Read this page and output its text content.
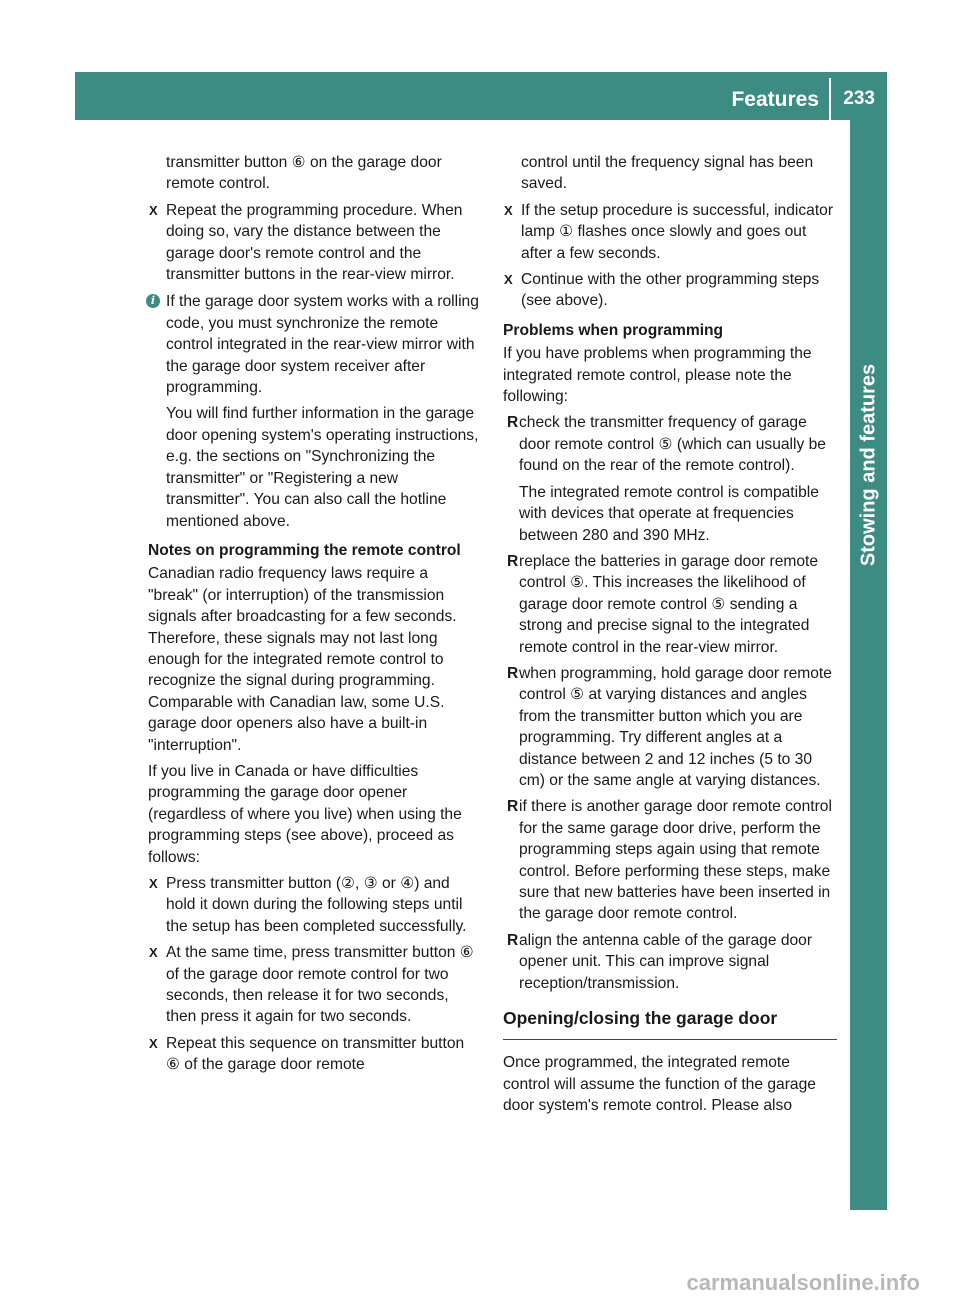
Features 233
Stowing and features

transmitter button ⑥ on the garage door remote control.

X Repeat the programming procedure. When doing so, vary the distance between the garage door's remote control and the transmitter buttons in the rear-view mirror.
i If the garage door system works with a rolling code, you must synchronize the remote control integrated in the rear-view mirror with the garage door system receiver after programming.

You will find further information in the garage door opening system's operating instructions, e.g. the sections on "Synchronizing the transmitter" or "Registering a new transmitter". You can also call the hotline mentioned above.

Notes on programming the remote control

Canadian radio frequency laws require a "break" (or interruption) of the transmission signals after broadcasting for a few seconds. Therefore, these signals may not last long enough for the integrated remote control to recognize the signal during programming. Comparable with Canadian law, some U.S. garage door openers also have a built-in "interruption".

If you live in Canada or have difficulties programming the garage door opener (regardless of where you live) when using the programming steps (see above), proceed as follows:

X Press transmitter button (②, ③ or ④) and hold it down during the following steps until the setup has been completed successfully.
X At the same time, press transmitter button ⑥ of the garage door remote control for two seconds, then release it for two seconds, then press it again for two seconds.
X Repeat this sequence on transmitter button ⑥ of the garage door remote

control until the frequency signal has been saved.

X If the setup procedure is successful, indicator lamp ① flashes once slowly and goes out after a few seconds.
X Continue with the other programming steps (see above).

Problems when programming

If you have problems when programming the integrated remote control, please note the following:

R check the transmitter frequency of garage door remote control ⑤ (which can usually be found on the rear of the remote control).

The integrated remote control is compatible with devices that operate at frequencies between 280 and 390 MHz.

R replace the batteries in garage door remote control ⑤. This increases the likelihood of garage door remote control ⑤ sending a strong and precise signal to the integrated remote control in the rear-view mirror.
R when programming, hold garage door remote control ⑤ at varying distances and angles from the transmitter button which you are programming. Try different angles at a distance between 2 and 12 inches (5 to 30 cm) or the same angle at varying distances.
R if there is another garage door remote control for the same garage door drive, perform the programming steps again using that remote control. Before performing these steps, make sure that new batteries have been inserted in the garage door remote control.
R align the antenna cable of the garage door opener unit. This can improve signal reception/transmission.
Opening/closing the garage door

Once programmed, the integrated remote control will assume the function of the garage door system's remote control. Please also

carmanualsonline.info
